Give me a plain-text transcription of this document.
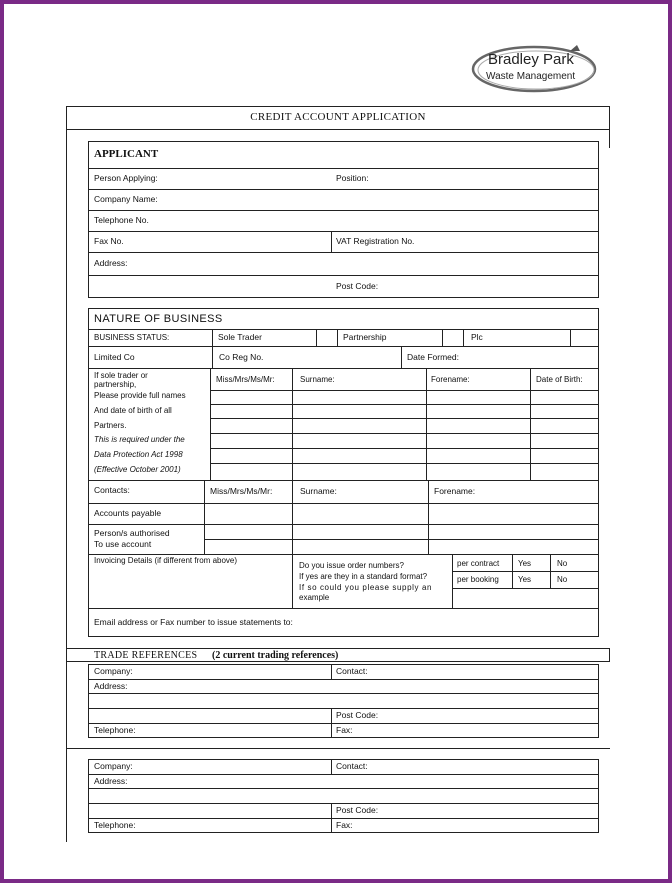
Bradley Park
Waste Management
CREDIT ACCOUNT APPLICATION
APPLICANT
Person Applying:	Position:
Company Name:
Telephone No.
Fax No.	VAT Registration No.
Address:
Post Code:
NATURE OF BUSINESS
BUSINESS STATUS:	Sole Trader	Partnership	Plc
Limited Co	Co Reg No.	Date Formed:
If sole trader or
partnership,
Please provide full names
And date of birth of all
Partners.
This is required under the
Data Protection Act 1998
(Effective October 2001)
Miss/Mrs/Ms/Mr:	Surname:	Forename:	Date of Birth:
Contacts:	Miss/Mrs/Ms/Mr:	Surname:	Forename:
Accounts payable
Person/s authorised
To use account
Invoicing Details (if different from above)
Do you issue order numbers?
If yes are they in a standard format?
If so could you please supply an
example
per contract Yes	No
per booking Yes	No
Email address or Fax number to issue statements to:
TRADE REFERENCES (2 current trading references)
Company:	Contact:
Address:
Post Code:
Telephone:	Fax:
Company:	Contact:
Address:
Post Code:
Telephone:	Fax:
